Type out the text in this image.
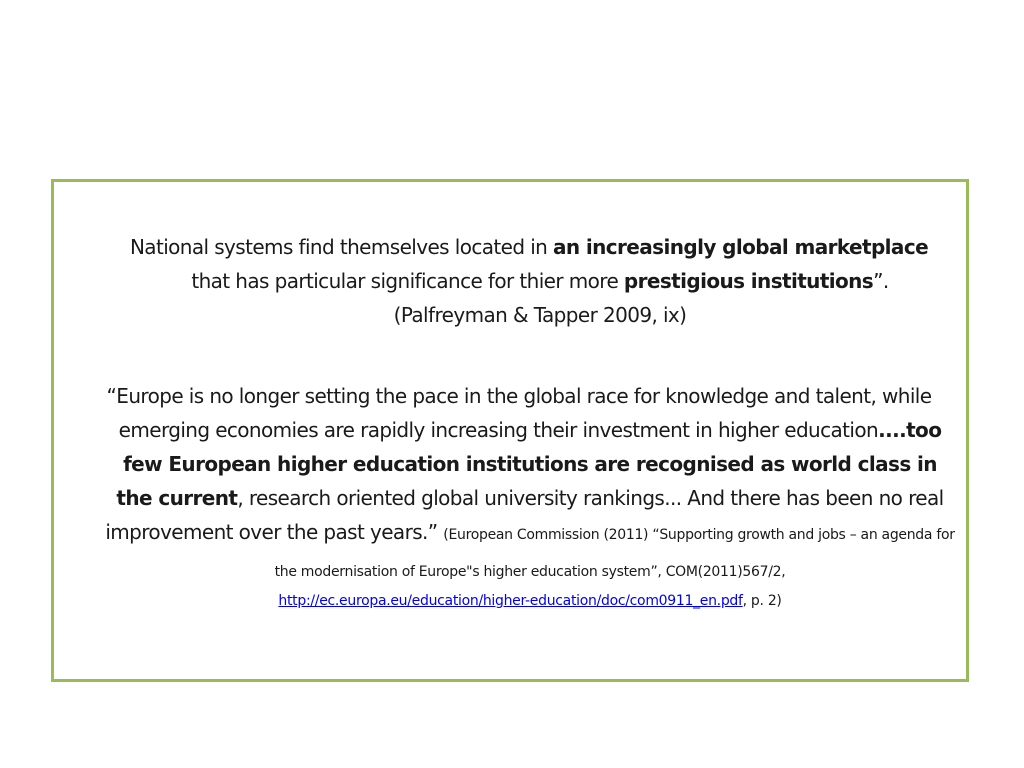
National systems find themselves located in an increasingly global marketplace that has particular significance for thier more prestigious institutions”. (Palfreyman & Tapper 2009, ix)
“Europe is no longer setting the pace in the global race for knowledge and talent, while emerging economies are rapidly increasing their investment in higher education....too few European higher education institutions are recognised as world class in the current, research oriented global university rankings... And there has been no real improvement over the past years.” (European Commission (2011) “Supporting growth and jobs – an agenda for the modernisation of Europe"s higher education system”, COM(2011)567/2,
http://ec.europa.eu/education/higher-education/doc/com0911_en.pdf, p. 2)
